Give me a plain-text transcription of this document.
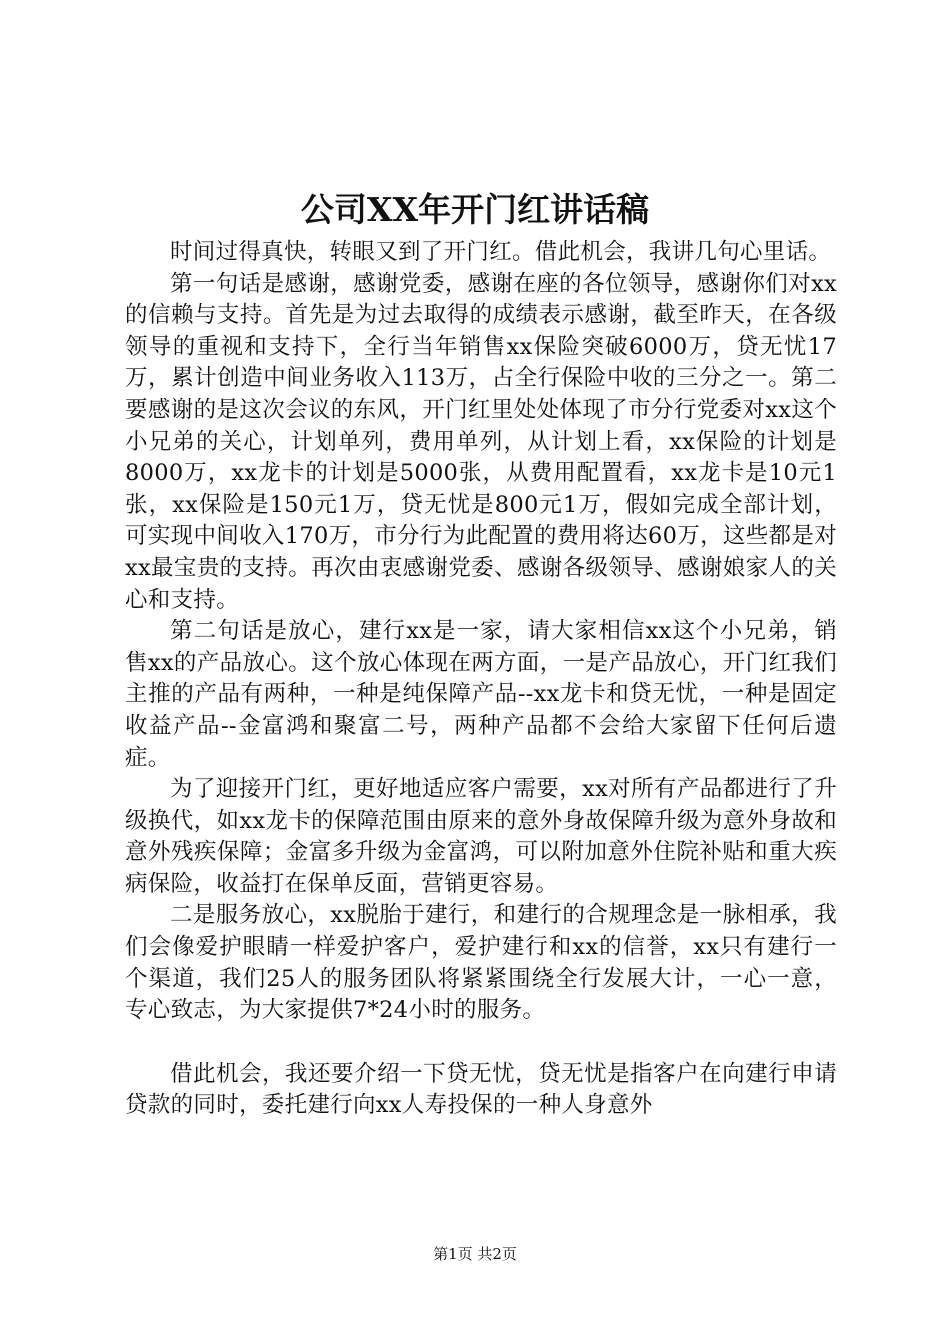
公司XX年开门红讲话稿

时间过得真快，转眼又到了开门红。借此机会，我讲几句心里话。

第一句话是感谢，感谢党委，感谢在座的各位领导，感谢你们对xx的信赖与支持。首先是为过去取得的成绩表示感谢，截至昨天，在各级领导的重视和支持下，全行当年销售xx保险突破6000万，贷无忧17万，累计创造中间业务收入113万，占全行保险中收的三分之一。第二要感谢的是这次会议的东风，开门红里处处体现了市分行党委对xx这个小兄弟的关心，计划单列，费用单列，从计划上看，xx保险的计划是8000万，xx龙卡的计划是5000张，从费用配置看，xx龙卡是10元1张，xx保险是150元1万，贷无忧是800元1万，假如完成全部计划，可实现中间收入170万，市分行为此配置的费用将达60万，这些都是对xx最宝贵的支持。再次由衷感谢党委、感谢各级领导、感谢娘家人的关心和支持。

第二句话是放心，建行xx是一家，请大家相信xx这个小兄弟，销售xx的产品放心。这个放心体现在两方面，一是产品放心，开门红我们主推的产品有两种，一种是纯保障产品--xx龙卡和贷无忧，一种是固定收益产品--金富鸿和聚富二号，两种产品都不会给大家留下任何后遗症。

为了迎接开门红，更好地适应客户需要，xx对所有产品都进行了升级换代，如xx龙卡的保障范围由原来的意外身故保障升级为意外身故和意外残疾保障；金富多升级为金富鸿，可以附加意外住院补贴和重大疾病保险，收益打在保单反面，营销更容易。

二是服务放心，xx脱胎于建行，和建行的合规理念是一脉相承，我们会像爱护眼睛一样爱护客户，爱护建行和xx的信誉，xx只有建行一个渠道，我们25人的服务团队将紧紧围绕全行发展大计，一心一意，专心致志，为大家提供7*24小时的服务。

借此机会，我还要介绍一下贷无忧，贷无忧是指客户在向建行申请贷款的同时，委托建行向xx人寿投保的一种人身意外

第1页 共2页
